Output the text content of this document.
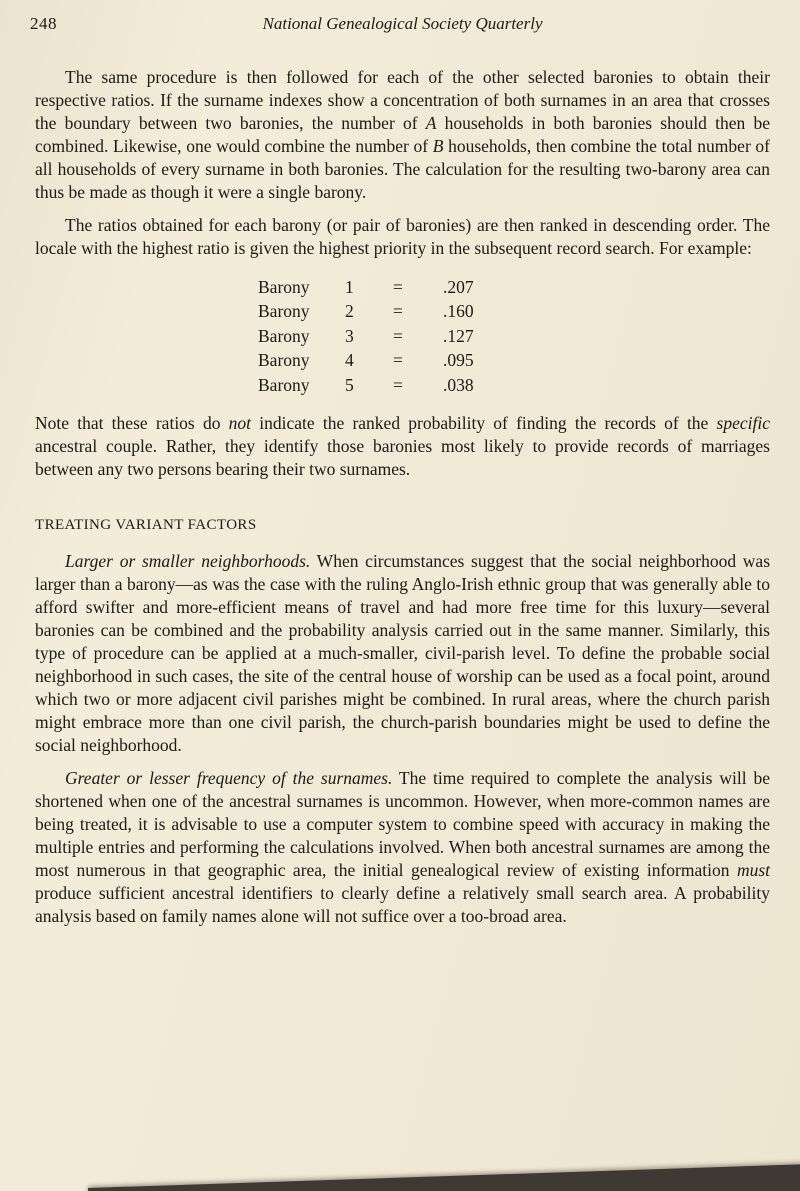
248	National Genealogical Society Quarterly

The same procedure is then followed for each of the other selected baronies to obtain their respective ratios. If the surname indexes show a concentration of both surnames in an area that crosses the boundary between two baronies, the number of A households in both baronies should then be combined. Likewise, one would combine the number of B households, then combine the total number of all households of every surname in both baronies. The calculation for the resulting two-barony area can thus be made as though it were a single barony.

The ratios obtained for each barony (or pair of baronies) are then ranked in descending order. The locale with the highest ratio is given the highest priority in the subsequent record search. For example:

Barony	1	=	.207
Barony	2	=	.160
Barony	3	=	.127
Barony	4	=	.095
Barony	5	=	.038

Note that these ratios do not indicate the ranked probability of finding the records of the specific ancestral couple. Rather, they identify those baronies most likely to provide records of marriages between any two persons bearing their two surnames.

TREATING VARIANT FACTORS

Larger or smaller neighborhoods. When circumstances suggest that the social neighborhood was larger than a barony—as was the case with the ruling Anglo-Irish ethnic group that was generally able to afford swifter and more-efficient means of travel and had more free time for this luxury—several baronies can be combined and the probability analysis carried out in the same manner. Similarly, this type of procedure can be applied at a much-smaller, civil-parish level. To define the probable social neighborhood in such cases, the site of the central house of worship can be used as a focal point, around which two or more adjacent civil parishes might be combined. In rural areas, where the church parish might embrace more than one civil parish, the church-parish boundaries might be used to define the social neighborhood.

Greater or lesser frequency of the surnames. The time required to complete the analysis will be shortened when one of the ancestral surnames is uncommon. However, when more-common names are being treated, it is advisable to use a computer system to combine speed with accuracy in making the multiple entries and performing the calculations involved. When both ancestral surnames are among the most numerous in that geographic area, the initial genealogical review of existing information must produce sufficient ancestral identifiers to clearly define a relatively small search area. A probability analysis based on family names alone will not suffice over a too-broad area.
